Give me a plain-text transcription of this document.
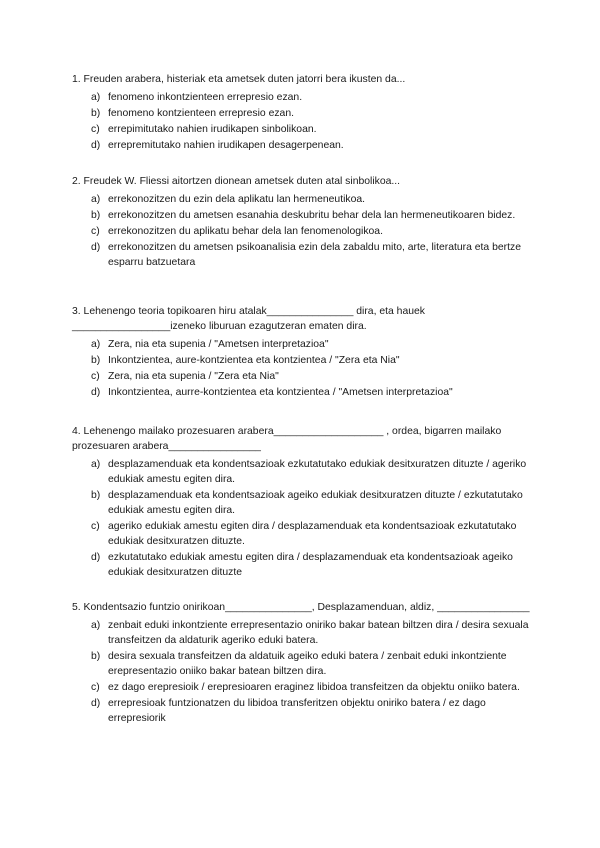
1. Freuden arabera, histeriak eta ametsek duten jatorri bera ikusten da...

a) fenomeno inkontzienteen errepresio ezan.
b) fenomeno kontzienteen errepresio ezan.
c) errepimitutako nahien irudikapen sinbolikoan.
d) errepremitutako nahien irudikapen desagerpenean.

2. Freudek W. Fliessi aitortzen dionean ametsek duten atal sinbolikoa...

a) errekonozitzen du ezin dela aplikatu lan hermeneutikoa.
b) errekonozitzen du ametsen esanahia deskubritu behar dela lan hermeneutikoaren bidez.
c) errekonozitzen du aplikatu behar dela lan fenomenologikoa.
d) errekonozitzen du ametsen psikoanalisia ezin dela zabaldu mito, arte, literatura eta bertze esparru batzuetara

3. Lehenengo teoria topikoaren hiru atalak_______________ dira, eta hauek _________________izeneko liburuan ezagutzeran ematen dira.

a) Zera, nia eta supenia / "Ametsen interpretazioa"
b) Inkontzientea, aure-kontzientea eta kontzientea / "Zera eta Nia"
c) Zera, nia eta supenia / "Zera eta Nia"
d) Inkontzientea, aurre-kontzientea eta kontzientea / "Ametsen interpretazioa"

4. Lehenengo mailako prozesuaren arabera___________________ , ordea, bigarren mailako prozesuaren arabera________________

a) desplazamenduak eta kondentsazioak ezkutatutako edukiak desitxuratzen dituzte / ageriko edukiak amestu egiten dira.
b) desplazamenduak eta kondentsazioak ageiko edukiak desitxuratzen dituzte / ezkutatutako edukiak amestu egiten dira.
c) ageriko edukiak amestu egiten dira / desplazamenduak eta kondentsazioak ezkutatutako edukiak desitxuratzen dituzte.
d) ezkutatutako edukiak amestu egiten dira / desplazamenduak eta kondentsazioak ageiko edukiak desitxuratzen dituzte

5. Kondentsazio funtzio onirikoan_______________, Desplazamenduan, aldiz, ________________

a) zenbait eduki inkontziente errepresentazio oniriko bakar batean biltzen dira / desira sexuala transfeitzen da aldaturik ageriko eduki batera.
b) desira sexuala transfeitzen da aldatuik ageiko eduki batera / zenbait eduki inkontziente erepresentazio oniiko bakar batean biltzen dira.
c) ez dago erepresioik / erepresioaren eraginez libidoa transfeitzen da objektu oniiko batera.
d) errepresioak funtzionatzen du libidoa transferitzen objektu oniriko batera / ez dago errepresiorik
